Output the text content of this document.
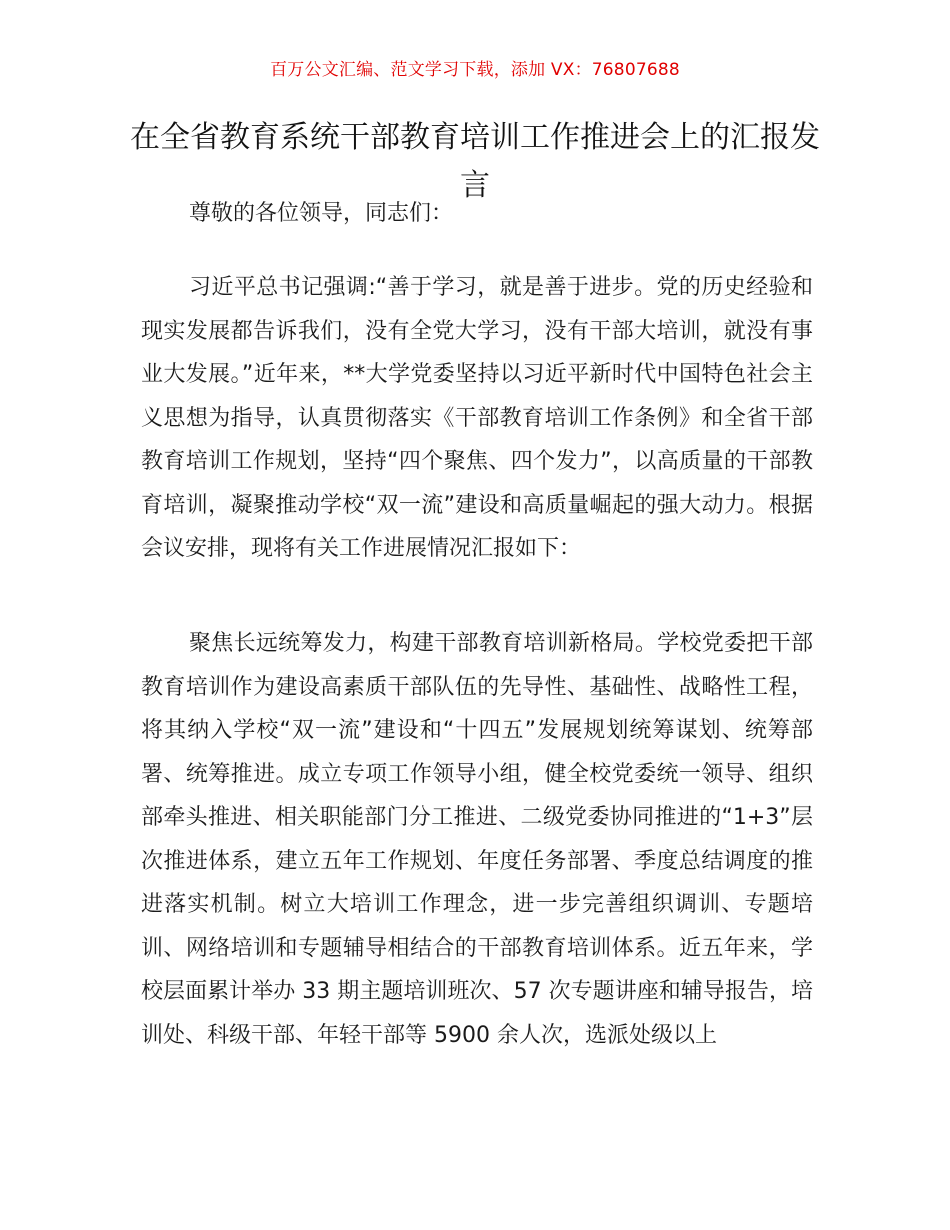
百万公文汇编、范文学习下载，添加 VX：76807688
在全省教育系统干部教育培训工作推进会上的汇报发言

尊敬的各位领导，同志们：

习近平总书记强调:“善于学习，就是善于进步。党的历史经验和现实发展都告诉我们，没有全党大学习，没有干部大培训，就没有事业大发展。”近年来，**大学党委坚持以习近平新时代中国特色社会主义思想为指导，认真贯彻落实《干部教育培训工作条例》和全省干部教育培训工作规划，坚持“四个聚焦、四个发力”，以高质量的干部教育培训，凝聚推动学校“双一流”建设和高质量崛起的强大动力。根据会议安排，现将有关工作进展情况汇报如下：

聚焦长远统筹发力，构建干部教育培训新格局。学校党委把干部教育培训作为建设高素质干部队伍的先导性、基础性、战略性工程，将其纳入学校“双一流”建设和“十四五”发展规划统筹谋划、统筹部署、统筹推进。成立专项工作领导小组，健全校党委统一领导、组织部牵头推进、相关职能部门分工推进、二级党委协同推进的“1+3”层次推进体系，建立五年工作规划、年度任务部署、季度总结调度的推进落实机制。树立大培训工作理念，进一步完善组织调训、专题培训、网络培训和专题辅导相结合的干部教育培训体系。近五年来，学校层面累计举办 33 期主题培训班次、57 次专题讲座和辅导报告，培训处、科级干部、年轻干部等 5900 余人次，选派处级以上
